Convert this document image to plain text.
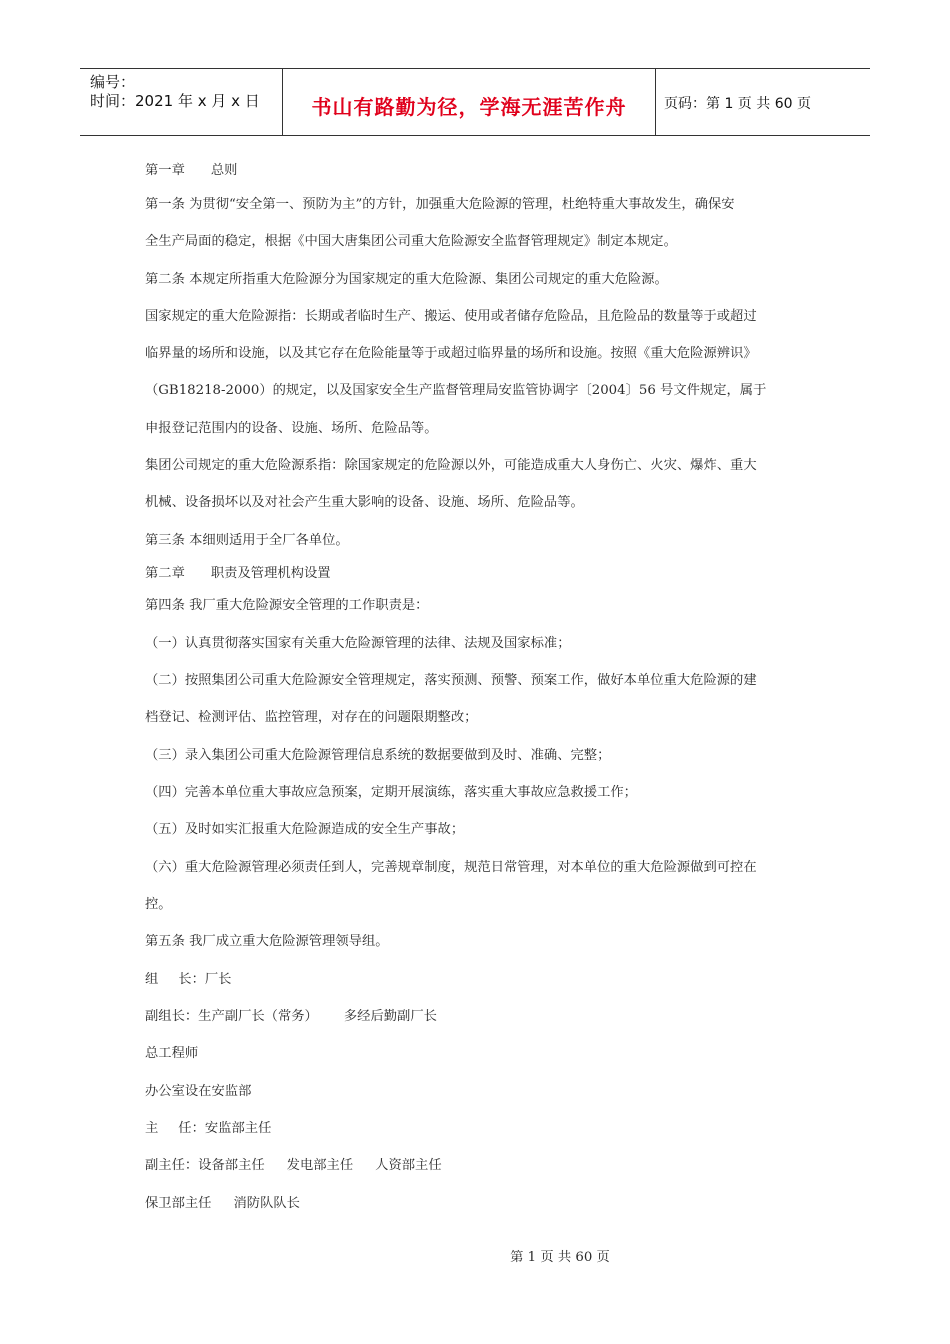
编号：
时间：2021 年 x 月 x 日	书山有路勤为径，学海无涯苦作舟	页码：第 1 页 共 60 页
第一章 总则
第一条 为贯彻“安全第一、预防为主”的方针，加强重大危险源的管理，杜绝特重大事故发生，确保安
全生产局面的稳定，根据《中国大唐集团公司重大危险源安全监督管理规定》制定本规定。
第二条 本规定所指重大危险源分为国家规定的重大危险源、集团公司规定的重大危险源。
国家规定的重大危险源指：长期或者临时生产、搬运、使用或者储存危险品，且危险品的数量等于或超过
临界量的场所和设施，以及其它存在危险能量等于或超过临界量的场所和设施。按照《重大危险源辨识》
（GB18218-2000）的规定，以及国家安全生产监督管理局安监管协调字〔2004〕56 号文件规定，属于
申报登记范围内的设备、设施、场所、危险品等。
集团公司规定的重大危险源系指：除国家规定的危险源以外，可能造成重大人身伤亡、火灾、爆炸、重大
机械、设备损坏以及对社会产生重大影响的设备、设施、场所、危险品等。
第三条 本细则适用于全厂各单位。
第二章 职责及管理机构设置
第四条 我厂重大危险源安全管理的工作职责是：
（一）认真贯彻落实国家有关重大危险源管理的法律、法规及国家标准；
（二）按照集团公司重大危险源安全管理规定，落实预测、预警、预案工作，做好本单位重大危险源的建
档登记、检测评估、监控管理，对存在的问题限期整改；
（三）录入集团公司重大危险源管理信息系统的数据要做到及时、准确、完整；
（四）完善本单位重大事故应急预案，定期开展演练，落实重大事故应急救援工作；
（五）及时如实汇报重大危险源造成的安全生产事故；
（六）重大危险源管理必须责任到人，完善规章制度，规范日常管理，对本单位的重大危险源做到可控在
控。
第五条 我厂成立重大危险源管理领导组。
组 长：厂长
副组长：生产副厂长（常务） 多经后勤副厂长
总工程师
办公室设在安监部
主 任：安监部主任
副主任：设备部主任 发电部主任 人资部主任
保卫部主任 消防队队长
第 1 页 共 60 页
